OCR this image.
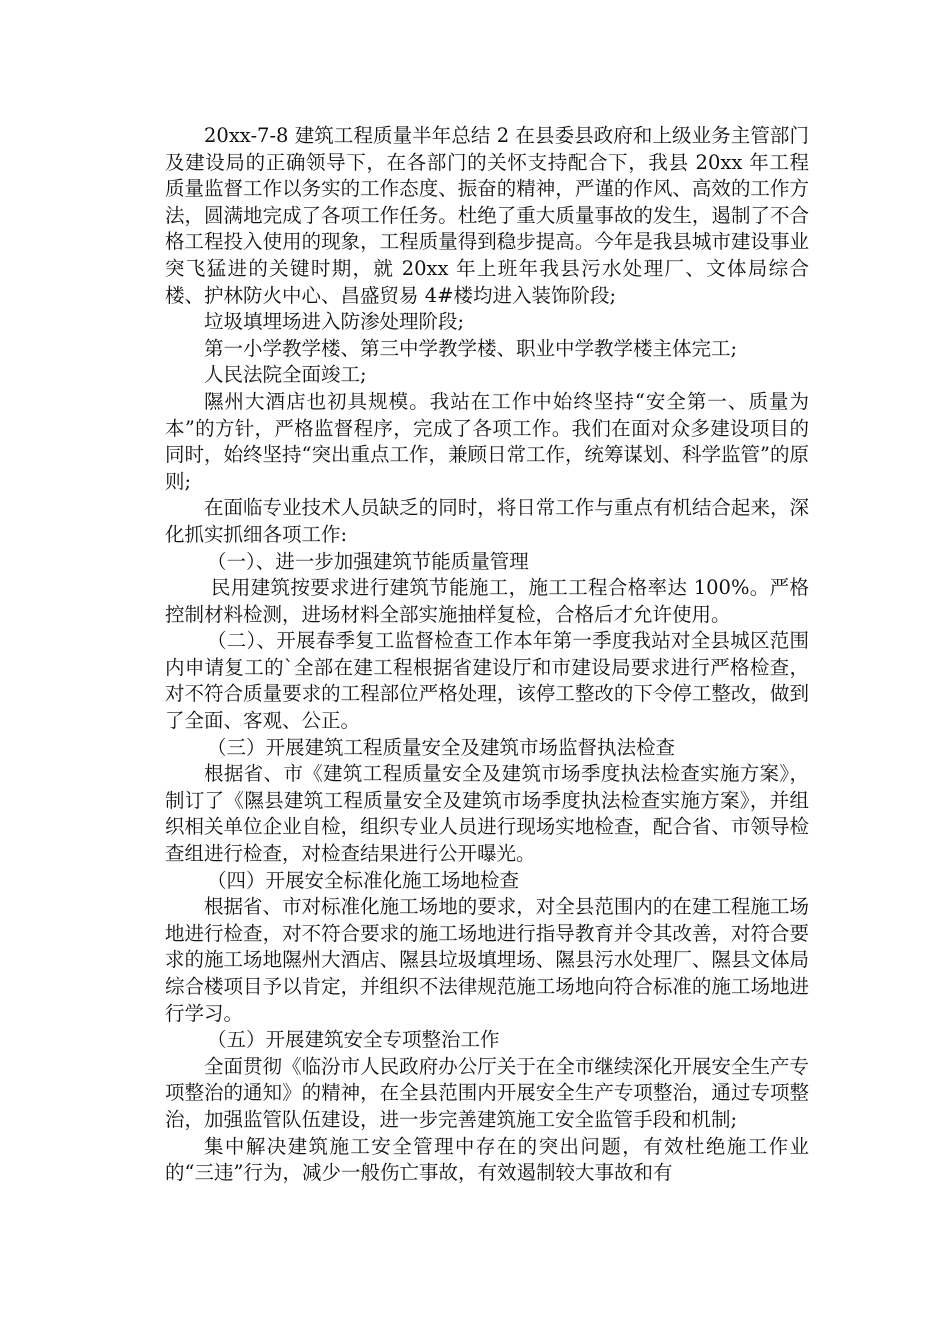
20xx-7-8 建筑工程质量半年总结 2 在县委县政府和上级业务主管部门及建设局的正确领导下，在各部门的关怀支持配合下，我县 20xx 年工程质量监督工作以务实的工作态度、振奋的精神，严谨的作风、高效的工作方法，圆满地完成了各项工作任务。杜绝了重大质量事故的发生，遏制了不合格工程投入使用的现象，工程质量得到稳步提高。今年是我县城市建设事业突飞猛进的关键时期，就 20xx 年上班年我县污水处理厂、文体局综合楼、护林防火中心、昌盛贸易 4#楼均进入装饰阶段;

垃圾填埋场进入防渗处理阶段;

第一小学教学楼、第三中学教学楼、职业中学教学楼主体完工;

人民法院全面竣工;

隰州大酒店也初具规模。我站在工作中始终坚持“安全第一、质量为本”的方针，严格监督程序，完成了各项工作。我们在面对众多建设项目的同时，始终坚持“突出重点工作，兼顾日常工作，统筹谋划、科学监管”的原则;

在面临专业技术人员缺乏的同时，将日常工作与重点有机结合起来，深化抓实抓细各项工作:

（一）、进一步加强建筑节能质量管理

民用建筑按要求进行建筑节能施工，施工工程合格率达 100%。严格控制材料检测，进场材料全部实施抽样复检，合格后才允许使用。

（二）、开展春季复工监督检查工作本年第一季度我站对全县城区范围内申请复工的`全部在建工程根据省建设厅和市建设局要求进行严格检查，对不符合质量要求的工程部位严格处理，该停工整改的下令停工整改，做到了全面、客观、公正。

（三）开展建筑工程质量安全及建筑市场监督执法检查

根据省、市《建筑工程质量安全及建筑市场季度执法检查实施方案》，制订了《隰县建筑工程质量安全及建筑市场季度执法检查实施方案》，并组织相关单位企业自检，组织专业人员进行现场实地检查，配合省、市领导检查组进行检查，对检查结果进行公开曝光。

（四）开展安全标准化施工场地检查

根据省、市对标准化施工场地的要求，对全县范围内的在建工程施工场地进行检查，对不符合要求的施工场地进行指导教育并令其改善，对符合要求的施工场地隰州大酒店、隰县垃圾填埋场、隰县污水处理厂、隰县文体局综合楼项目予以肯定，并组织不法律规范施工场地向符合标准的施工场地进行学习。

（五）开展建筑安全专项整治工作

全面贯彻《临汾市人民政府办公厅关于在全市继续深化开展安全生产专项整治的通知》的精神，在全县范围内开展安全生产专项整治，通过专项整治，加强监管队伍建设，进一步完善建筑施工安全监管手段和机制;

集中解决建筑施工安全管理中存在的突出问题，有效杜绝施工作业的“三违”行为，减少一般伤亡事故，有效遏制较大事故和有
